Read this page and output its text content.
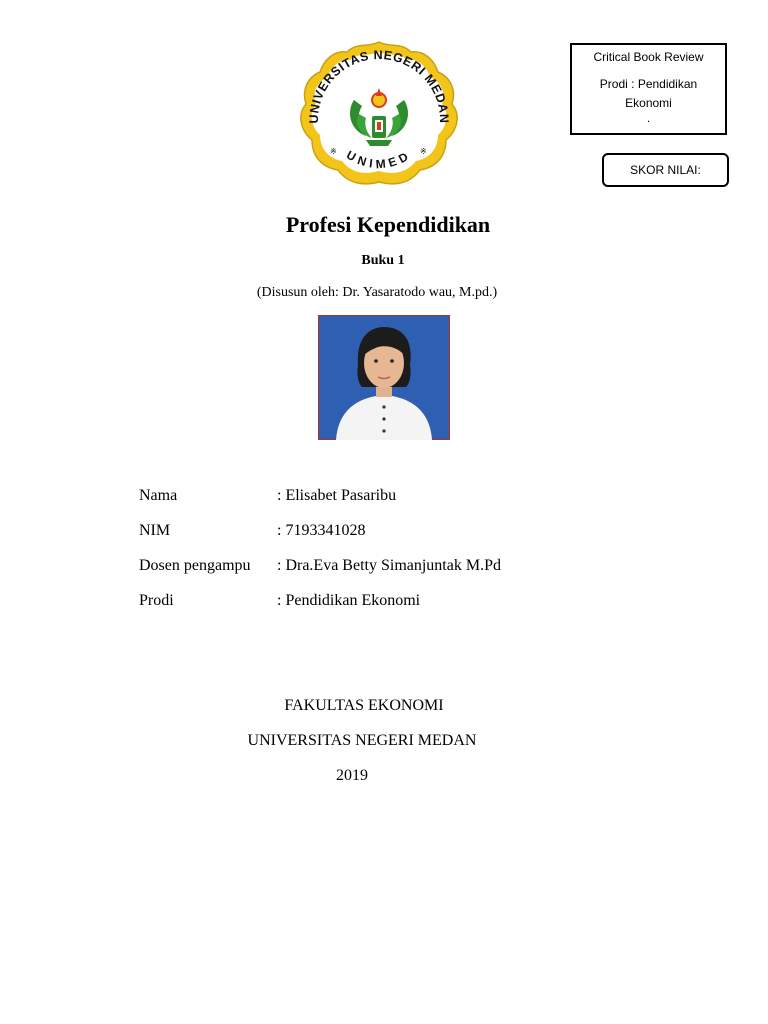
UNIVERSITAS NEGERI MEDAN
UNIMED
※	※
Critical Book Review
Prodi : Pendidikan
Ekonomi
.
SKOR NILAI:
Profesi Kependidikan
Buku 1
(Disusun oleh: Dr. Yasaratodo wau, M.pd.)
Nama	: Elisabet Pasaribu
NIM	: 7193341028
Dosen pengampu	: Dra.Eva Betty Simanjuntak M.Pd
Prodi	: Pendidikan Ekonomi
FAKULTAS EKONOMI
UNIVERSITAS NEGERI MEDAN
2019
